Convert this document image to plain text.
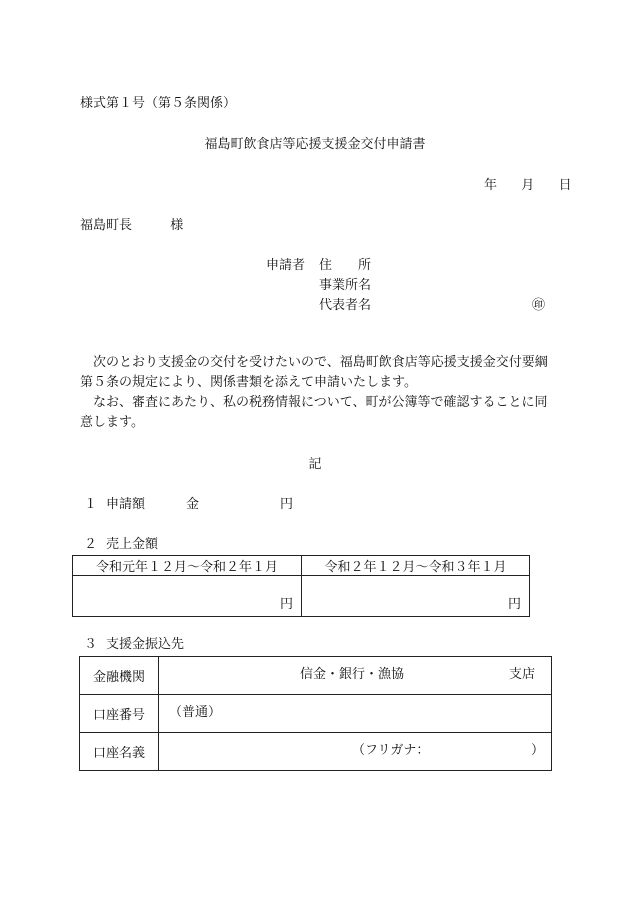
様式第１号（第５条関係）
福島町飲食店等応援支援金交付申請書
年 月 日
福島町長	様
申請者 住　　所
事業所名
代表者名	㊞

次のとおり支援金の交付を受けたいので、福島町飲食店等応援支援金交付要綱第５条の規定により、関係書類を添えて申請いたします。

なお、審査にあたり、私の税務情報について、町が公簿等で確認することに同意します。

記
１ 申請額	金	円
２ 売上金額
令和元年１２月～令和２年１月	令和２年１２月～令和３年１月
円	円
３ 支援金振込先
金融機関	信金・銀行・漁協 支店

口座番号	（普通）

口座名義	（フリガナ： ）
